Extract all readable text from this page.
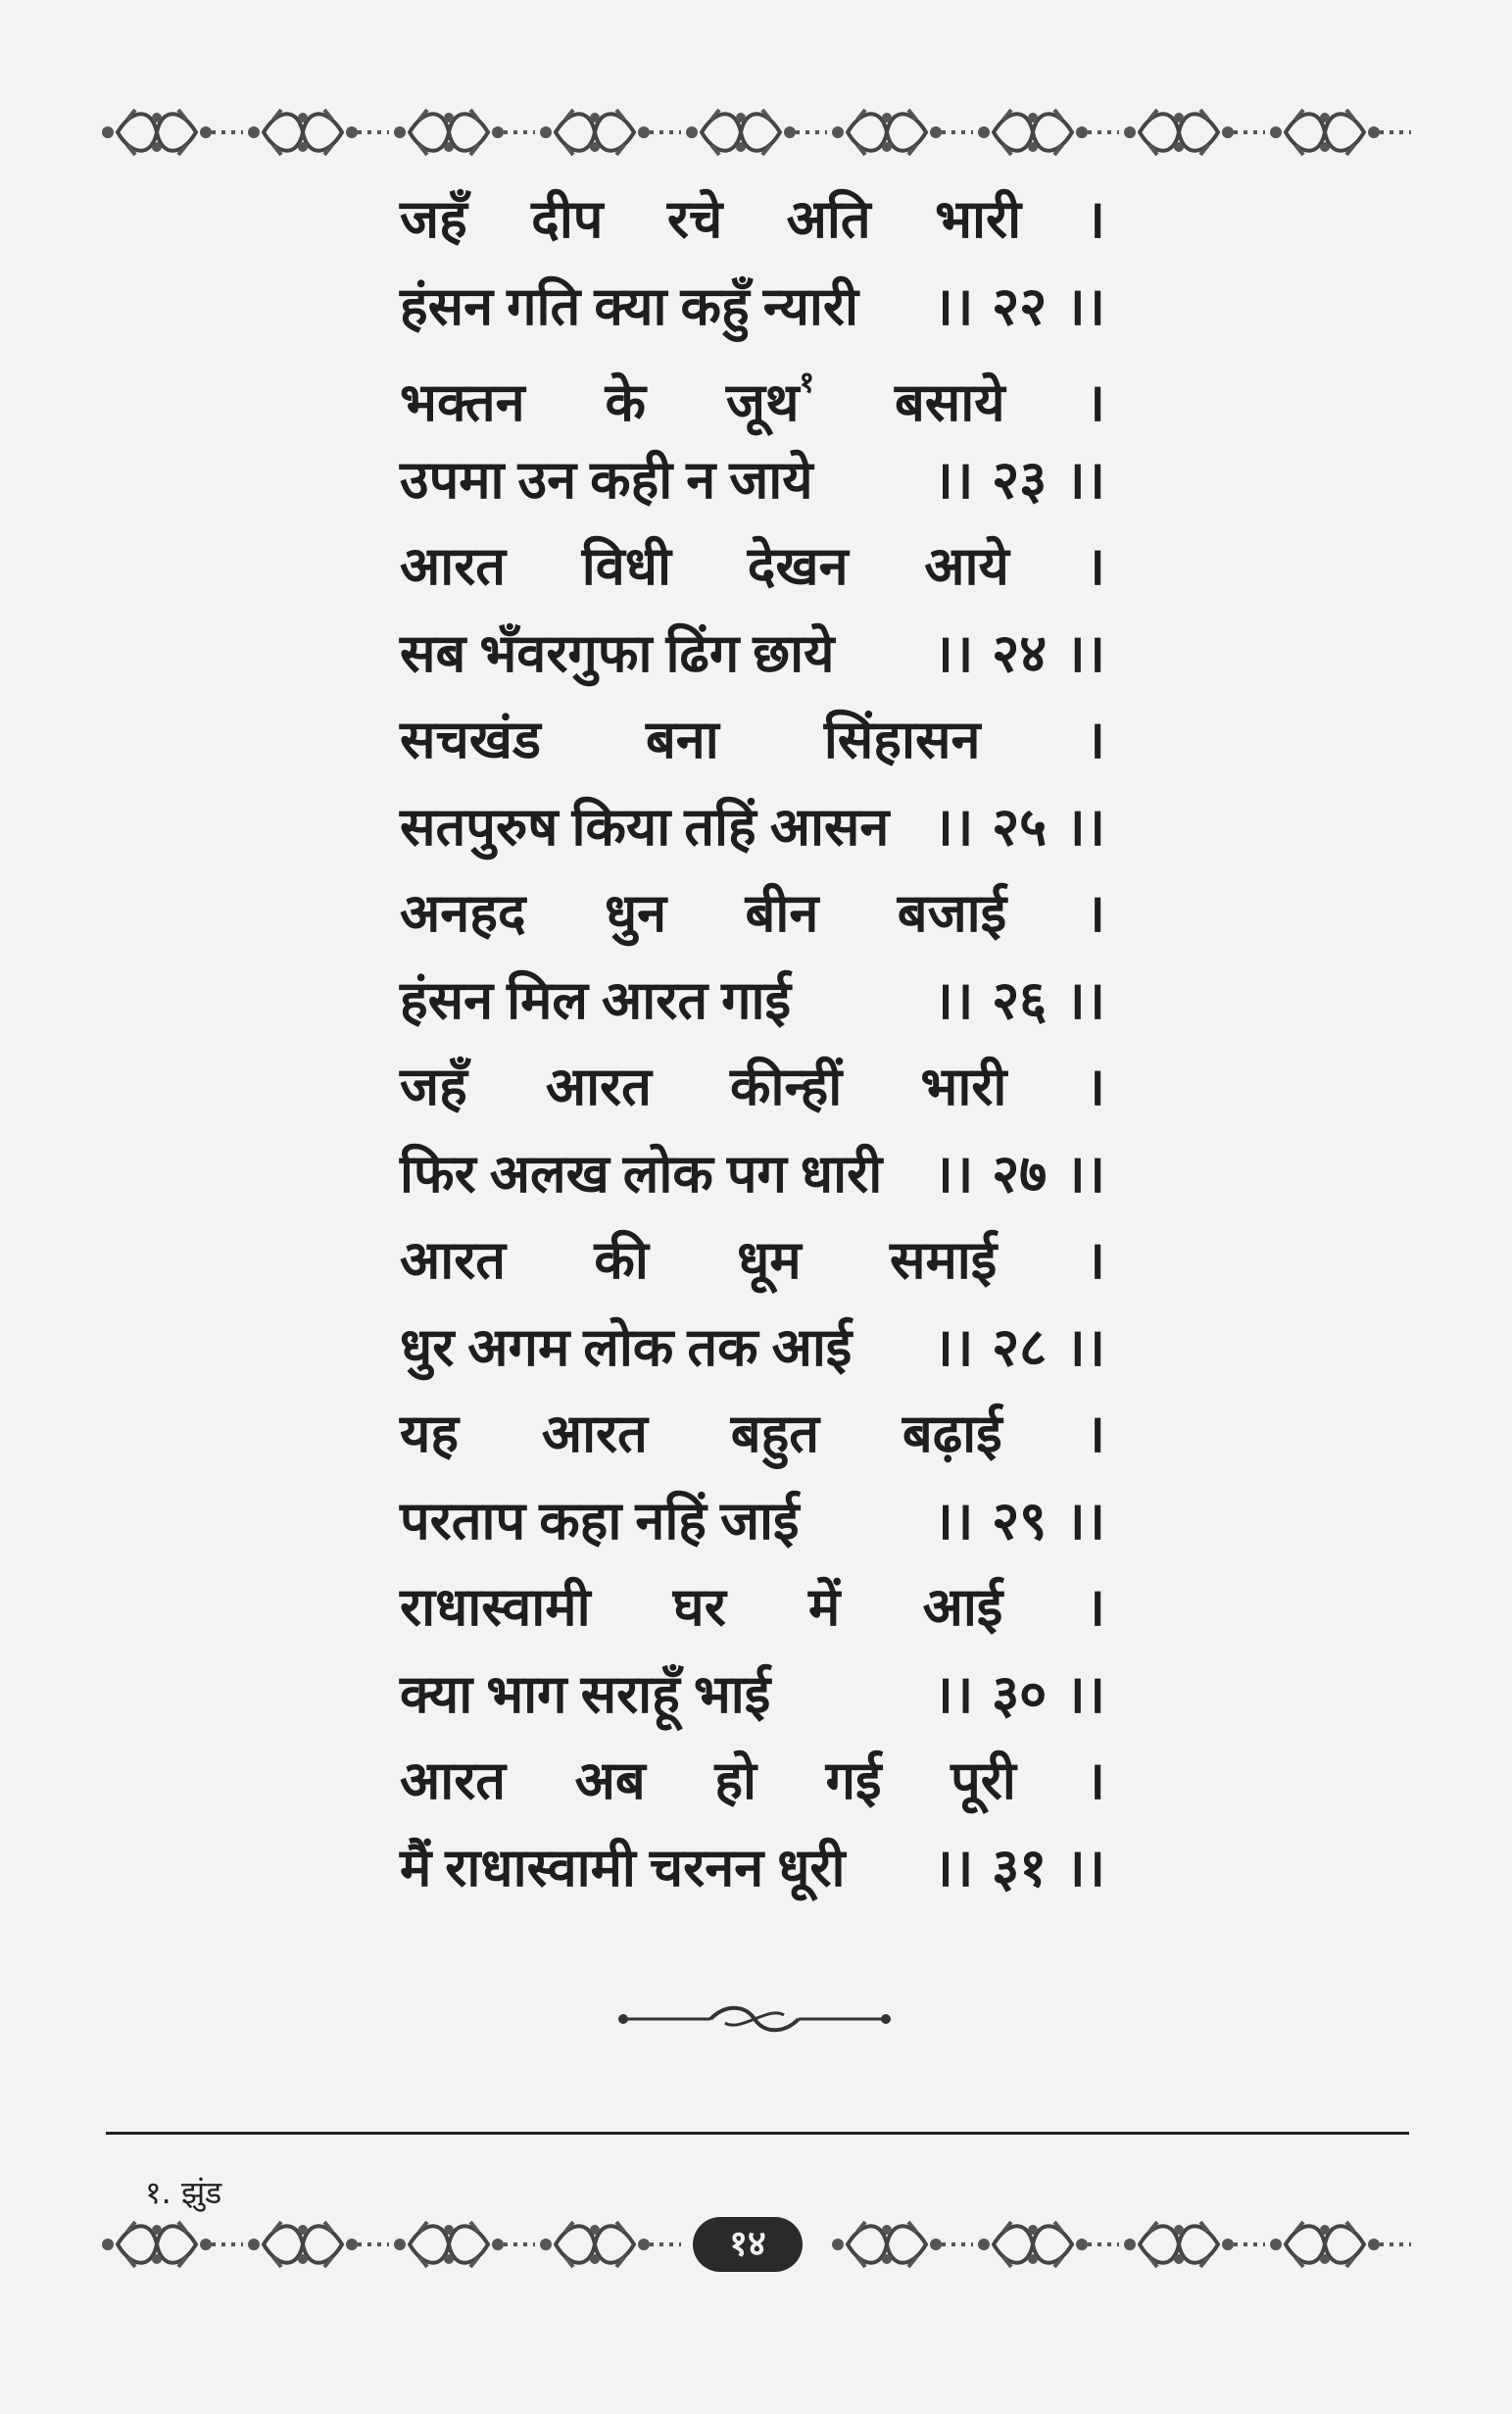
जहँ दीप रचे अति भारी ।
हंसन गति क्या कहुँ न्यारी ।। २२ ।।
भक्तन के जूथ$^१$ बसाये ।
उपमा उन कही न जाये ।। २३ ।।
आरत विधी देखन आये ।
सब भँवरगुफा ढिंग छाये ।। २४ ।।
सचखंड बना सिंहासन ।
सतपुरुष किया तहिं आसन ।। २५ ।।
अनहद धुन बीन बजाई ।
हंसन मिल आरत गाई	।। २६ ।।
जहँ आरत कीन्हीं भारी ।
फिर अलख लोक पग धारी ।। २७ ।।
आरत की धूम समाई ।
धुर अगम लोक तक आई ।। २८ ।।
यह आरत बहुत बढ़ाई ।
परताप कहा नहिं जाई	।। २९ ।।
राधास्वामी घर में आई ।
क्या भाग सराहूँ भाई	।। ३० ।।
आरत अब हो गई पूरी ।
मैं राधास्वामी चरनन धूरी ।। ३१ ।।
१. झुंड
१४
